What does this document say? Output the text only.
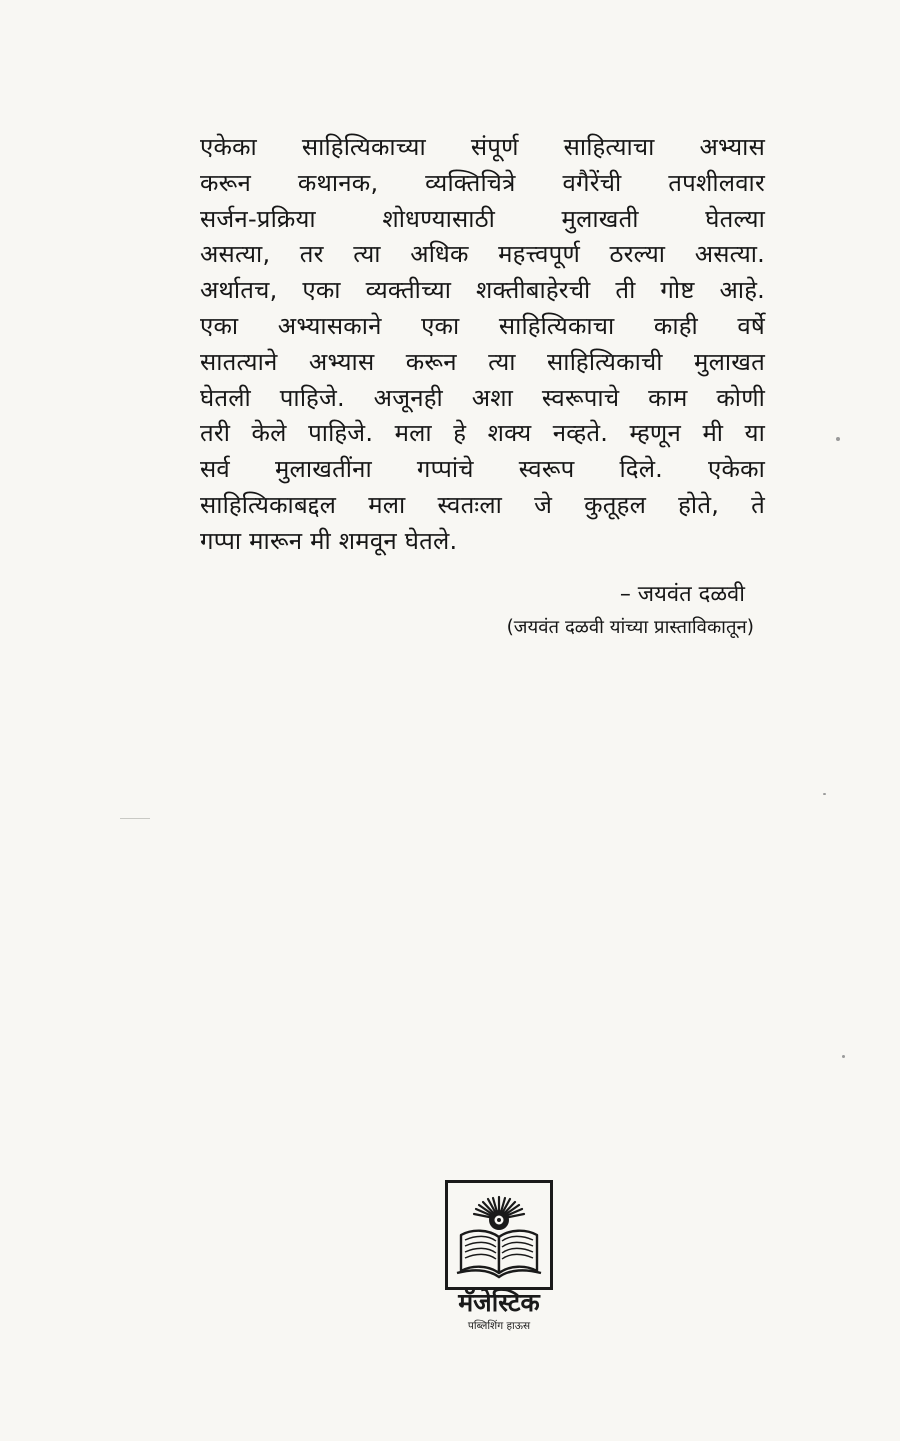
एकेका साहित्यिकाच्या संपूर्ण साहित्याचा अभ्यास
करून कथानक, व्यक्तिचित्रे वगैरेंची तपशीलवार
सर्जन-प्रक्रिया शोधण्यासाठी मुलाखती घेतल्या
असत्या, तर त्या अधिक महत्त्वपूर्ण ठरल्या असत्या.
अर्थातच, एका व्यक्तीच्या शक्तीबाहेरची ती गोष्ट आहे.
एका अभ्यासकाने एका साहित्यिकाचा काही वर्षे
सातत्याने अभ्यास करून त्या साहित्यिकाची मुलाखत
घेतली पाहिजे. अजूनही अशा स्वरूपाचे काम कोणी
तरी केले पाहिजे. मला हे शक्य नव्हते. म्हणून मी या
सर्व मुलाखतींना गप्पांचे स्वरूप दिले. एकेका
साहित्यिकाबद्दल मला स्वतःला जे कुतूहल होते, ते
गप्पा मारून मी शमवून घेतले.
– जयवंत दळवी
(जयवंत दळवी यांच्या प्रास्ताविकातून)
मॅजेस्टिक
पब्लिशिंग हाऊस
